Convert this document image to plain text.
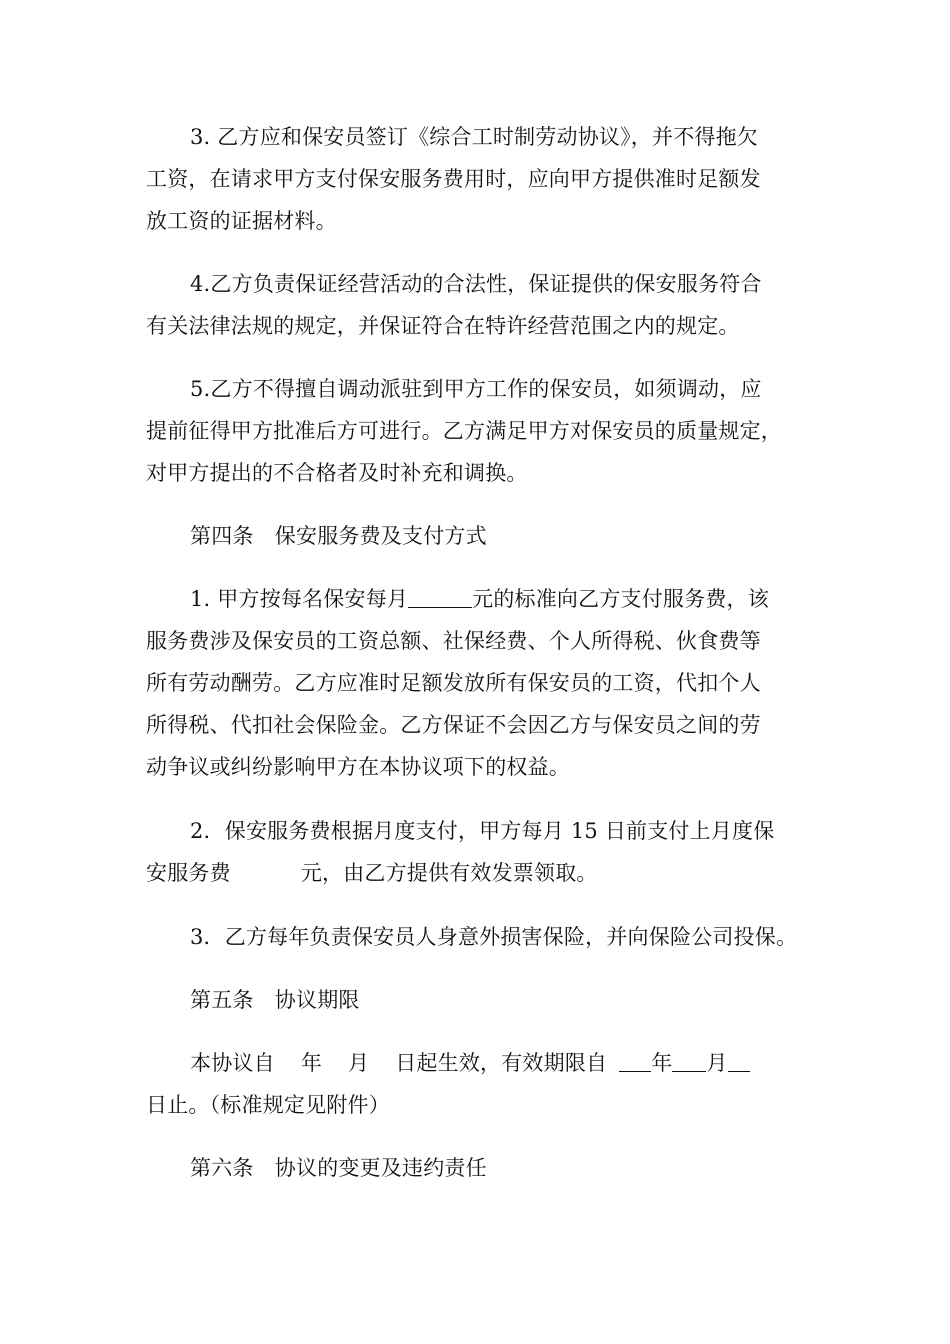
3. 乙方应和保安员签订《综合工时制劳动协议》，并不得拖欠
工资，在请求甲方支付保安服务费用时，应向甲方提供准时足额发
放工资的证据材料。
4.乙方负责保证经营活动的合法性，保证提供的保安服务符合
有关法律法规的规定，并保证符合在特许经营范围之内的规定。
5.乙方不得擅自调动派驻到甲方工作的保安员，如须调动，应
提前征得甲方批准后方可进行。乙方满足甲方对保安员的质量规定，
对甲方提出的不合格者及时补充和调换。
第四条　保安服务费及支付方式
1. 甲方按每名保安每月	元的标准向乙方支付服务费，该
服务费涉及保安员的工资总额、社保经费、个人所得税、伙食费等
所有劳动酬劳。乙方应准时足额发放所有保安员的工资，代扣个人
所得税、代扣社会保险金。乙方保证不会因乙方与保安员之间的劳
动争议或纠纷影响甲方在本协议项下的权益。
2．保安服务费根据月度支付，甲方每月 15 日前支付上月度保
安服务费	元，由乙方提供有效发票领取。
3．乙方每年负责保安员人身意外损害保险，并向保险公司投保。
第五条　协议期限
本协议自 年 月 日起生效，有效期限自 年 月
日止。（标准规定见附件）
第六条　协议的变更及违约责任
